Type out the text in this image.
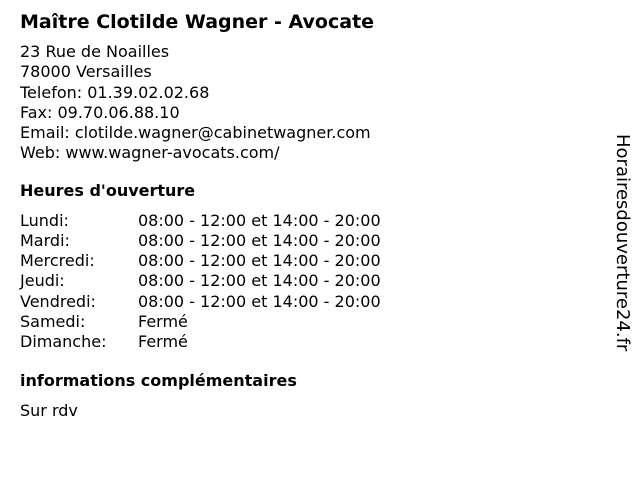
Maître Clotilde Wagner - Avocate
23 Rue de Noailles
78000 Versailles
Telefon: 01.39.02.02.68
Fax: 09.70.06.88.10
Email: clotilde.wagner@cabinetwagner.com
Web: www.wagner-avocats.com/
Heures d'ouverture
Lundi:	08:00 - 12:00 et 14:00 - 20:00
Mardi:	08:00 - 12:00 et 14:00 - 20:00
Mercredi:	08:00 - 12:00 et 14:00 - 20:00
Jeudi:	08:00 - 12:00 et 14:00 - 20:00
Vendredi:	08:00 - 12:00 et 14:00 - 20:00
Samedi:	Fermé
Dimanche:	Fermé
informations complémentaires
Sur rdv
Horairesdouverture24.fr
